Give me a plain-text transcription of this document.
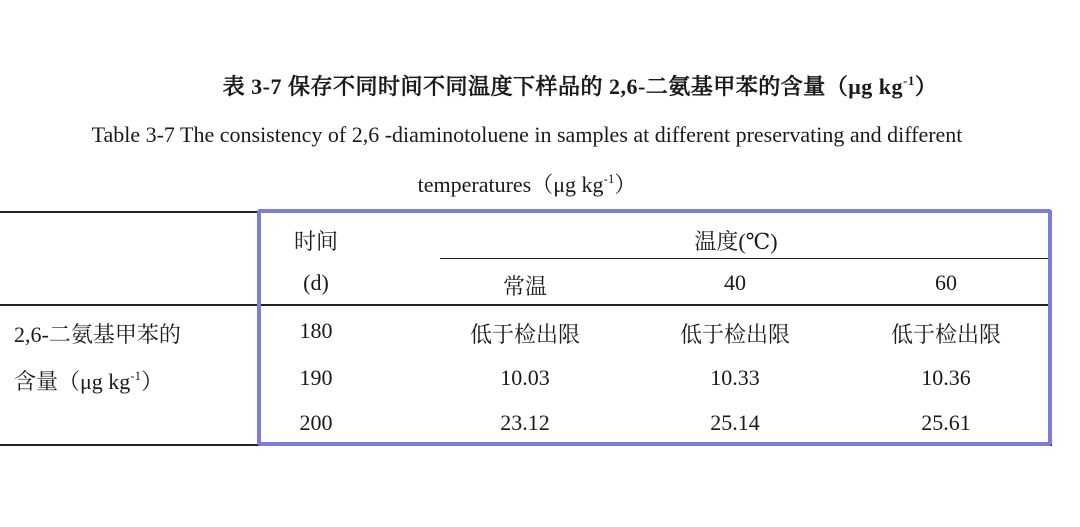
表 3-7 保存不同时间不同温度下样品的 2,6-二氨基甲苯的含量（μg $kg^{-1}$）
Table 3-7 The consistency of 2,6 -diaminotoluene in samples at different preservating and different
temperatures（μg $kg^{-1}$）
时间
(d)
温度(℃)
常温	40	60
2,6-二氨基甲苯的
含量（μg $kg^{-1}$）
180	低于检出限	低于检出限	低于检出限
190	10.03	10.33	10.36
200	23.12	25.14	25.61
